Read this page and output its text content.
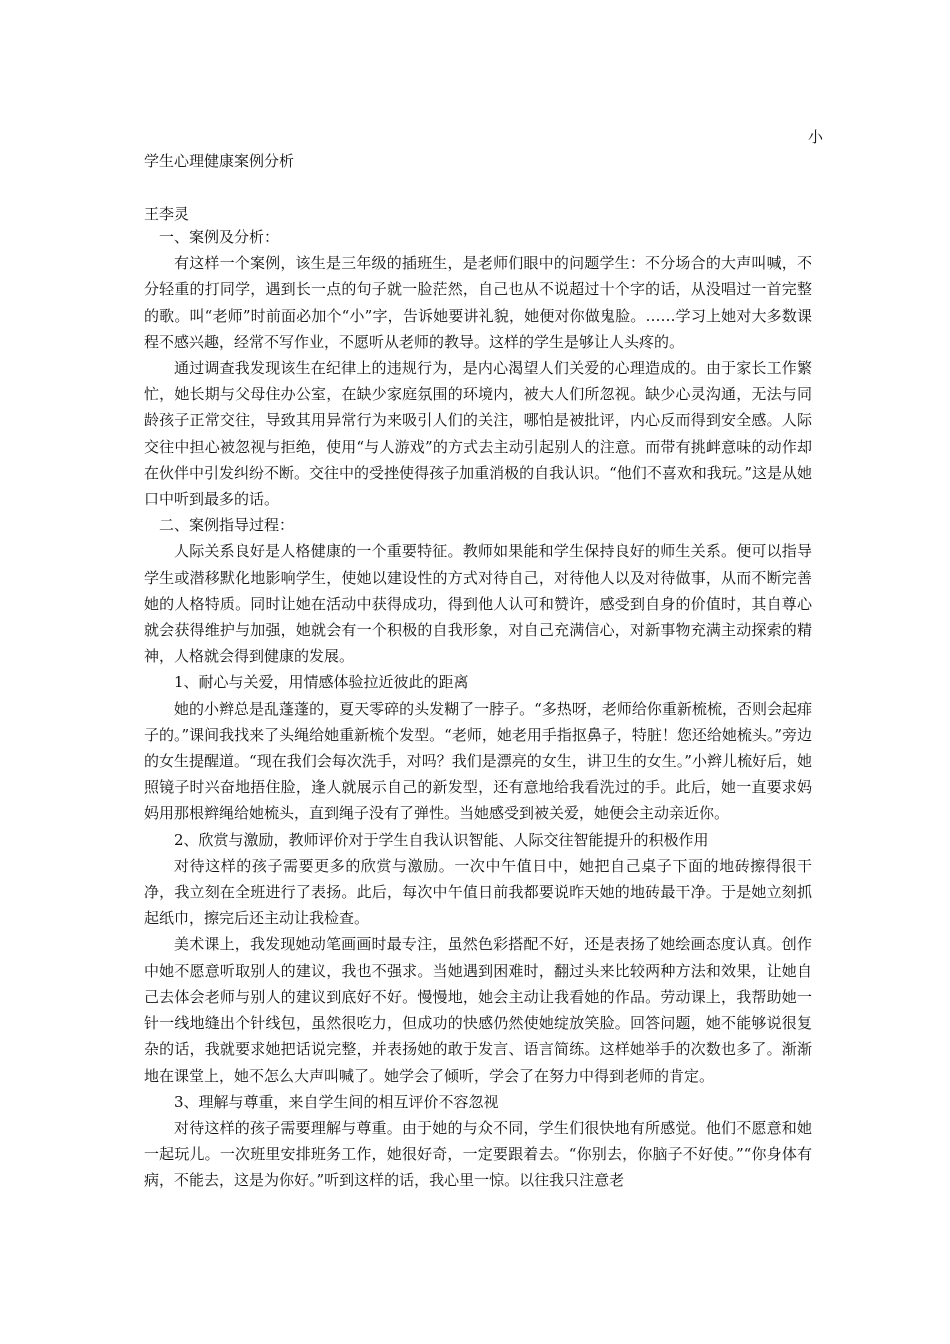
小
学生心理健康案例分析
王李灵

一、案例及分析：

有这样一个案例，该生是三年级的插班生，是老师们眼中的问题学生：不分场合的大声叫喊，不分轻重的打同学，遇到长一点的句子就一脸茫然，自己也从不说超过十个字的话，从没唱过一首完整的歌。叫“老师”时前面必加个“小”字，告诉她要讲礼貌，她便对你做鬼脸。……学习上她对大多数课程不感兴趣，经常不写作业，不愿听从老师的教导。这样的学生是够让人头疼的。

通过调查我发现该生在纪律上的违规行为，是内心渴望人们关爱的心理造成的。由于家长工作繁忙，她长期与父母住办公室，在缺少家庭氛围的环境内，被大人们所忽视。缺少心灵沟通，无法与同龄孩子正常交往，导致其用异常行为来吸引人们的关注，哪怕是被批评，内心反而得到安全感。人际交往中担心被忽视与拒绝，使用“与人游戏”的方式去主动引起别人的注意。而带有挑衅意味的动作却在伙伴中引发纠纷不断。交往中的受挫使得孩子加重消极的自我认识。“他们不喜欢和我玩。”这是从她口中听到最多的话。

二、案例指导过程：

人际关系良好是人格健康的一个重要特征。教师如果能和学生保持良好的师生关系。便可以指导学生或潜移默化地影响学生，使她以建设性的方式对待自己，对待他人以及对待做事，从而不断完善她的人格特质。同时让她在活动中获得成功，得到他人认可和赞许，感受到自身的价值时，其自尊心就会获得维护与加强，她就会有一个积极的自我形象，对自己充满信心，对新事物充满主动探索的精神，人格就会得到健康的发展。

1、耐心与关爱，用情感体验拉近彼此的距离

她的小辫总是乱蓬蓬的，夏天零碎的头发糊了一脖子。“多热呀，老师给你重新梳梳，否则会起痱子的。”课间我找来了头绳给她重新梳个发型。“老师，她老用手指抠鼻子，特脏！您还给她梳头。”旁边的女生提醒道。“现在我们会每次洗手，对吗？我们是漂亮的女生，讲卫生的女生。”小辫儿梳好后，她照镜子时兴奋地捂住脸，逢人就展示自己的新发型，还有意地给我看洗过的手。此后，她一直要求妈妈用那根辫绳给她梳头，直到绳子没有了弹性。当她感受到被关爱，她便会主动亲近你。

2、欣赏与激励，教师评价对于学生自我认识智能、人际交往智能提升的积极作用

对待这样的孩子需要更多的欣赏与激励。一次中午值日中，她把自己桌子下面的地砖擦得很干净，我立刻在全班进行了表扬。此后，每次中午值日前我都要说昨天她的地砖最干净。于是她立刻抓起纸巾，擦完后还主动让我检查。

美术课上，我发现她动笔画画时最专注，虽然色彩搭配不好，还是表扬了她绘画态度认真。创作中她不愿意听取别人的建议，我也不强求。当她遇到困难时，翻过头来比较两种方法和效果，让她自己去体会老师与别人的建议到底好不好。慢慢地，她会主动让我看她的作品。劳动课上，我帮助她一针一线地缝出个针线包，虽然很吃力，但成功的快感仍然使她绽放笑脸。回答问题，她不能够说很复杂的话，我就要求她把话说完整，并表扬她的敢于发言、语言简练。这样她举手的次数也多了。渐渐地在课堂上，她不怎么大声叫喊了。她学会了倾听，学会了在努力中得到老师的肯定。

3、理解与尊重，来自学生间的相互评价不容忽视

对待这样的孩子需要理解与尊重。由于她的与众不同，学生们很快地有所感觉。他们不愿意和她一起玩儿。一次班里安排班务工作，她很好奇，一定要跟着去。“你别去，你脑子不好使。”“你身体有病，不能去，这是为你好。”听到这样的话，我心里一惊。以往我只注意老
